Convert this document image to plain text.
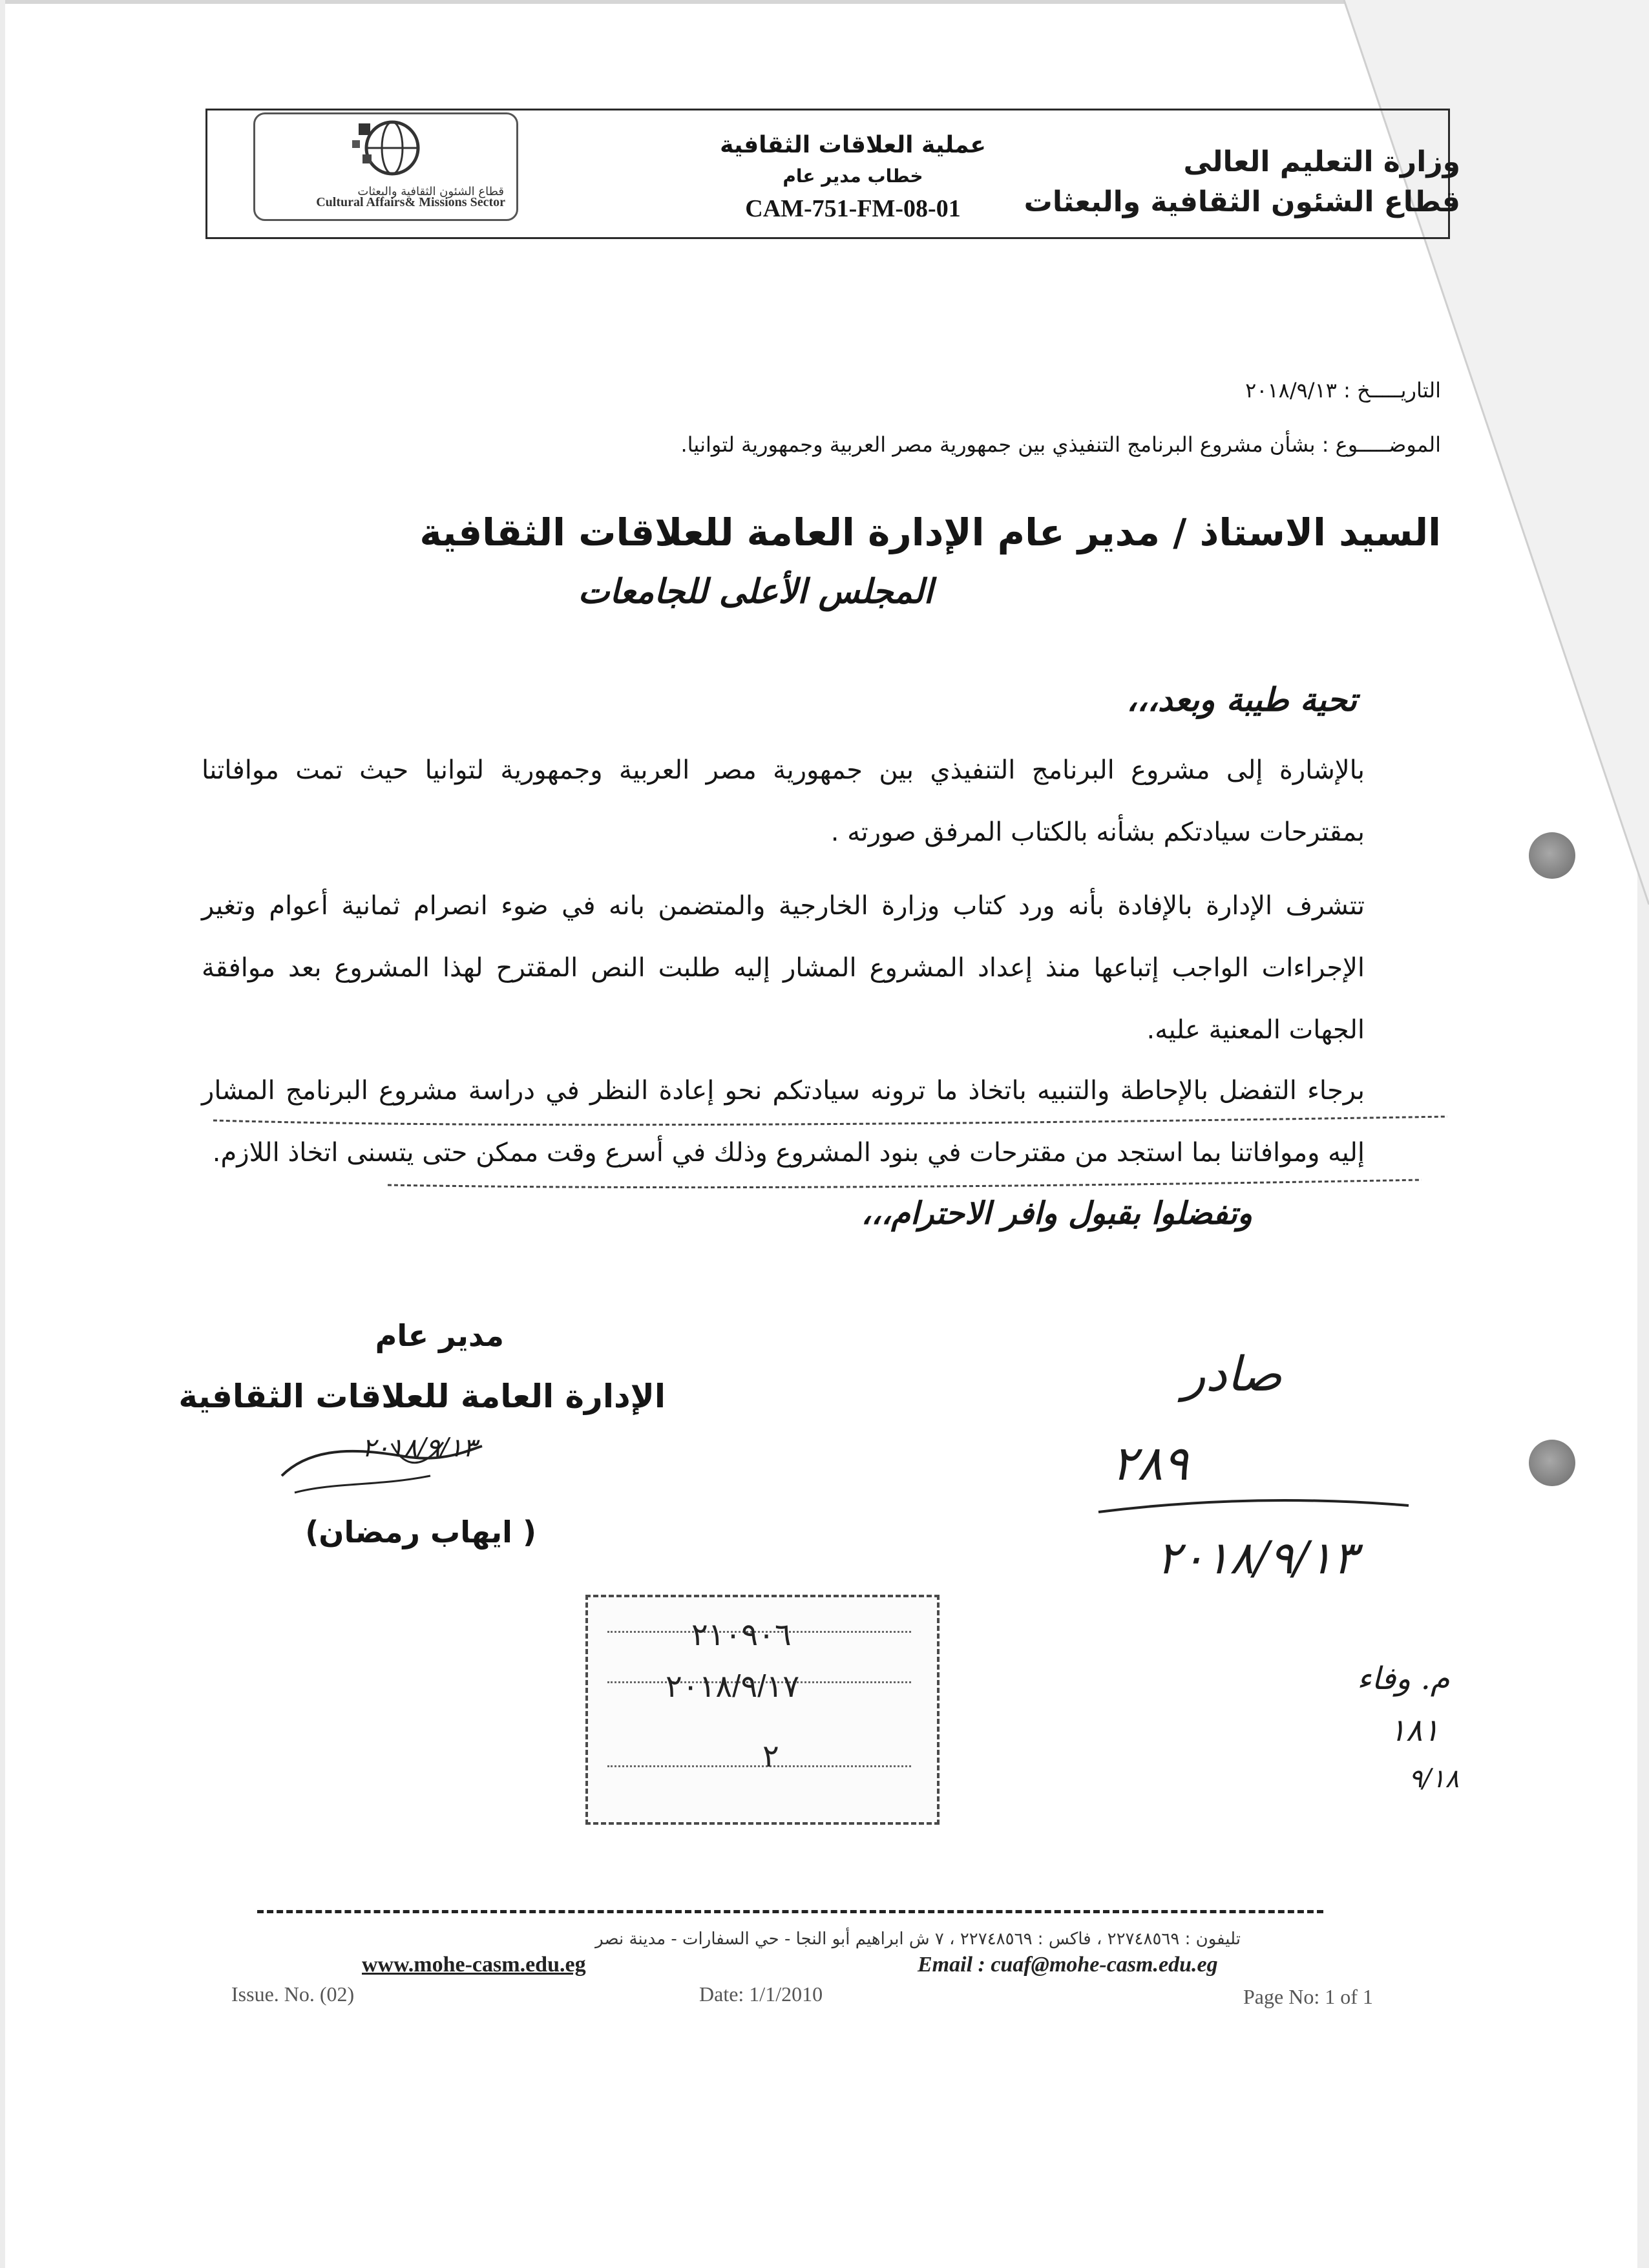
قطاع الشئون الثقافية والبعثات
Cultural Affairs& Missions Sector
عملية العلاقات الثقافية
خطاب مدير عام
CAM-751-FM-08-01
وزارة التعليم العالى
قطاع الشئون الثقافية والبعثات
التاريـــــخ : ٢٠١٨/٩/١٣
الموضـــــوع : بشأن مشروع البرنامج التنفيذي بين جمهورية مصر العربية وجمهورية لتوانيا.
السيد الاستاذ / مدير عام الإدارة العامة للعلاقات الثقافية
المجلس الأعلى للجامعات
تحية طيبة وبعد،،،
بالإشارة إلى مشروع البرنامج التنفيذي بين جمهورية مصر العربية وجمهورية لتوانيا حيث تمت موافاتنا بمقترحات سيادتكم بشأنه بالكتاب المرفق صورته .
تتشرف الإدارة بالإفادة بأنه ورد كتاب وزارة الخارجية والمتضمن بانه في ضوء انصرام ثمانية أعوام وتغير الإجراءات الواجب إتباعها منذ إعداد المشروع المشار إليه طلبت النص المقترح لهذا المشروع بعد موافقة الجهات المعنية عليه.
برجاء التفضل بالإحاطة والتنبيه باتخاذ ما ترونه سيادتكم نحو إعادة النظر في دراسة مشروع البرنامج المشار إليه وموافاتنا بما استجد من مقترحات في بنود المشروع وذلك في أسرع وقت ممكن حتى يتسنى اتخاذ اللازم.
وتفضلوا بقبول وافر الاحترام،،،
مدير عام
الإدارة العامة للعلاقات الثقافية
٢٠١٨/٩/١٣
( ايهاب رمضان)
صادر
٢٨٩
٢٠١٨/٩/١٣
م. وفاء
١٨١
٩/١٨
٢١٠٩٠٦
٢٠١٨/٩/١٧
٢
تليفون : ٢٢٧٤٨٥٦٩ ، فاكس : ٢٢٧٤٨٥٦٩ ، ٧ ش ابراهيم أبو النجا - حي السفارات - مدينة نصر
www.mohe-casm.edu.eg	Email : cuaf@mohe-casm.edu.eg
Issue. No. (02)	Date: 1/1/2010	Page No: 1 of 1
